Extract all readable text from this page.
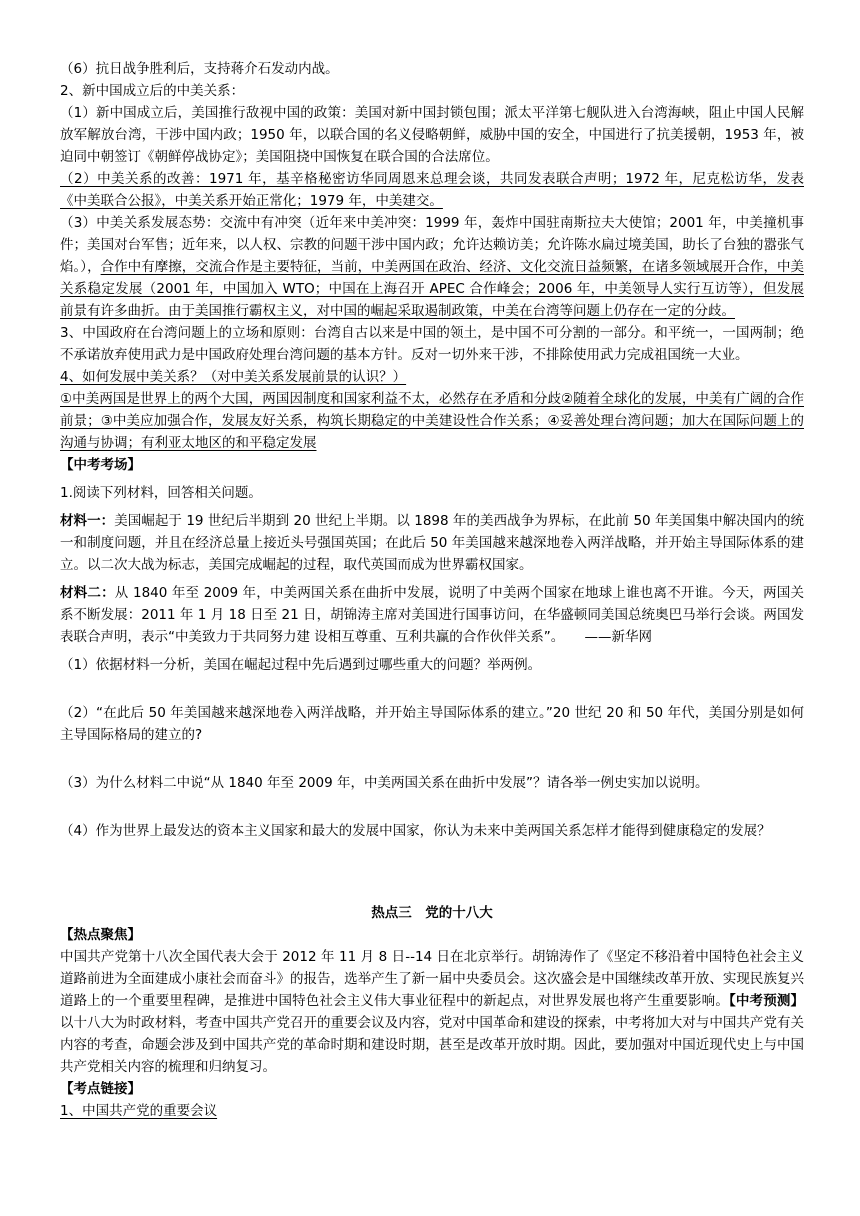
（6）抗日战争胜利后，支持蒋介石发动内战。

2、新中国成立后的中美关系：

（1）新中国成立后，美国推行敌视中国的政策：美国对新中国封锁包围；派太平洋第七舰队进入台湾海峡，阻止中国人民解放军解放台湾，干涉中国内政；1950 年，以联合国的名义侵略朝鲜，威胁中国的安全，中国进行了抗美援朝，1953 年，被迫同中朝签订《朝鲜停战协定》；美国阻挠中国恢复在联合国的合法席位。

（2）中美关系的改善：1971 年，基辛格秘密访华同周恩来总理会谈，共同发表联合声明；1972 年，尼克松访华，发表《中美联合公报》，中美关系开始正常化；1979 年，中美建交。

（3）中美关系发展态势：交流中有冲突（近年来中美冲突：1999 年，轰炸中国驻南斯拉夫大使馆；2001 年，中美撞机事件；美国对台军售；近年来，以人权、宗教的问题干涉中国内政；允许达赖访美；允许陈水扁过境美国，助长了台独的嚣张气焰。），合作中有摩擦，交流合作是主要特征，当前，中美两国在政治、经济、文化交流日益频繁，在诸多领域展开合作，中美关系稳定发展（2001 年，中国加入 WTO；中国在上海召开 APEC 合作峰会；2006 年，中美领导人实行互访等），但发展前景有许多曲折。由于美国推行霸权主义，对中国的崛起采取遏制政策，中美在台湾等问题上仍存在一定的分歧。

3、中国政府在台湾问题上的立场和原则：台湾自古以来是中国的领土，是中国不可分割的一部分。和平统一，一国两制；绝不承诺放弃使用武力是中国政府处理台湾问题的基本方针。反对一切外来干涉，不排除使用武力完成祖国统一大业。

4、如何发展中美关系？（对中美关系发展前景的认识？）

①中美两国是世界上的两个大国，两国因制度和国家利益不太，必然存在矛盾和分歧②随着全球化的发展，中美有广阔的合作前景；③中美应加强合作，发展友好关系，构筑长期稳定的中美建设性合作关系；④妥善处理台湾问题；加大在国际问题上的沟通与协调；有利亚太地区的和平稳定发展

【中考考场】

1.阅读下列材料，回答相关问题。

材料一：美国崛起于 19 世纪后半期到 20 世纪上半期。以 1898 年的美西战争为界标，在此前 50 年美国集中解决国内的统一和制度问题，并且在经济总量上接近头号强国英国；在此后 50 年美国越来越深地卷入两洋战略，并开始主导国际体系的建立。以二次大战为标志，美国完成崛起的过程，取代英国而成为世界霸权国家。

材料二：从 1840 年至 2009 年，中美两国关系在曲折中发展，说明了中美两个国家在地球上谁也离不开谁。今天，两国关系不断发展：2011 年 1 月 18 日至 21 日，胡锦涛主席对美国进行国事访问，在华盛顿同美国总统奥巴马举行会谈。两国发表联合声明，表示“中美致力于共同努力建 设相互尊重、互利共赢的合作伙伴关系”。　　——新华网

（1）依据材料一分析，美国在崛起过程中先后遇到过哪些重大的问题？举两例。

（2）“在此后 50 年美国越来越深地卷入两洋战略，并开始主导国际体系的建立。”20 世纪 20 和 50 年代，美国分别是如何主导国际格局的建立的?

（3）为什么材料二中说“从 1840 年至 2009 年，中美两国关系在曲折中发展”？请各举一例史实加以说明。

（4）作为世界上最发达的资本主义国家和最大的发展中国家，你认为未来中美两国关系怎样才能得到健康稳定的发展？

热点三　党的十八大

【热点聚焦】

中国共产党第十八次全国代表大会于 2012 年 11 月 8 日--14 日在北京举行。胡锦涛作了《坚定不移沿着中国特色社会主义道路前进为全面建成小康社会而奋斗》的报告，选举产生了新一届中央委员会。这次盛会是中国继续改革开放、实现民族复兴道路上的一个重要里程碑，是推进中国特色社会主义伟大事业征程中的新起点，对世界发展也将产生重要影响。【中考预测】以十八大为时政材料，考查中国共产党召开的重要会议及内容，党对中国革命和建设的探索，中考将加大对与中国共产党有关内容的考查，命题会涉及到中国共产党的革命时期和建设时期，甚至是改革开放时期。因此，要加强对中国近现代史上与中国共产党相关内容的梳理和归纳复习。

【考点链接】

1、中国共产党的重要会议
